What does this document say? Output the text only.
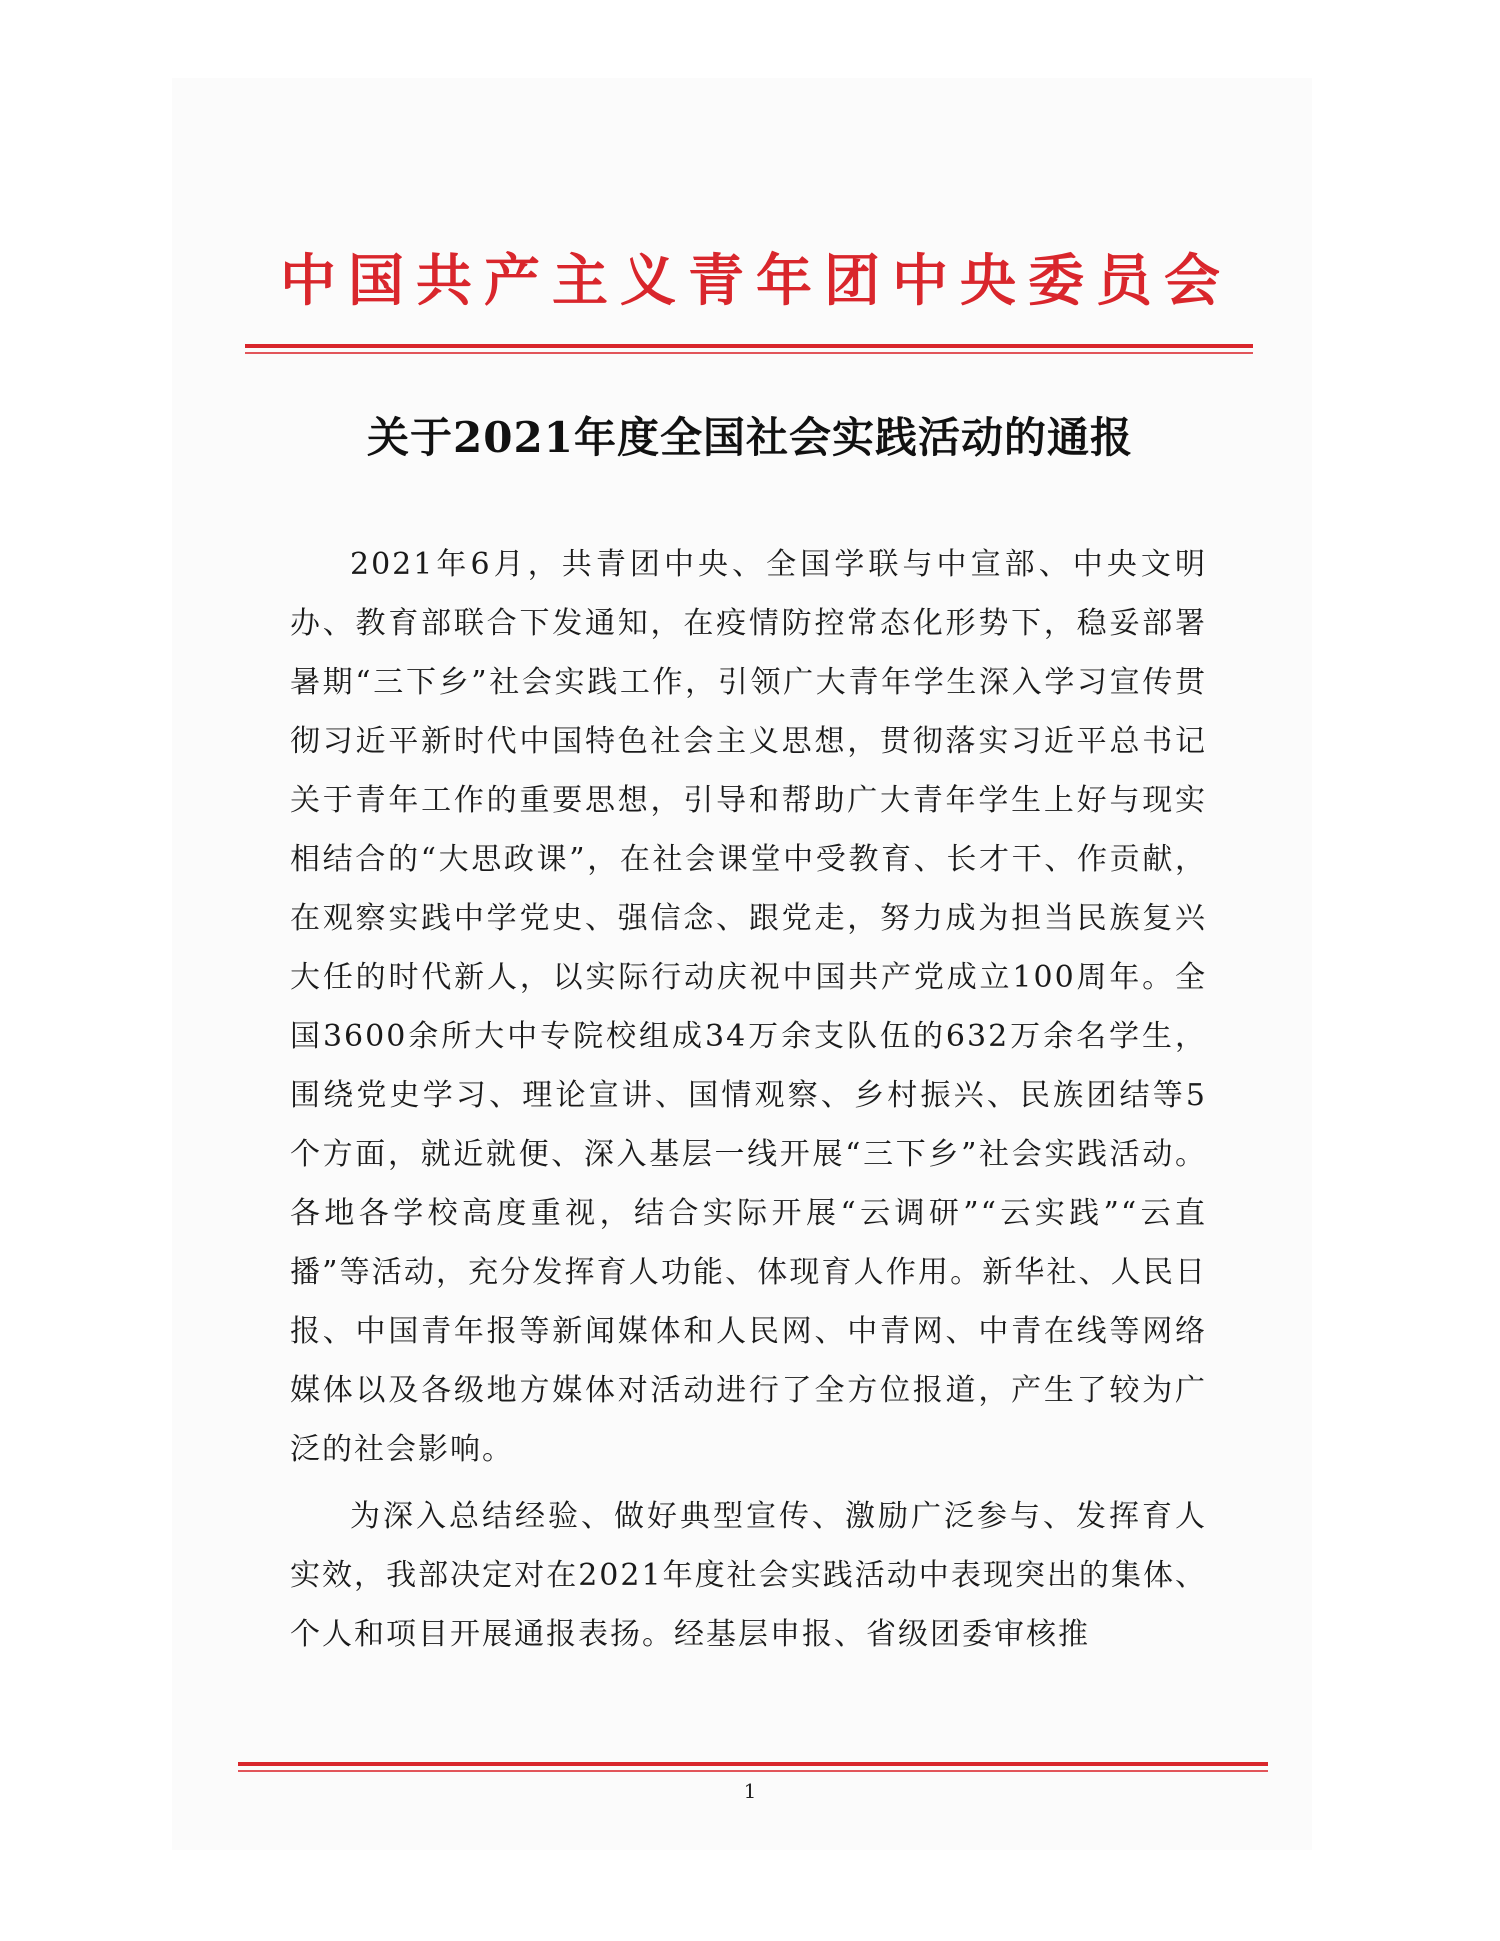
中国共产主义青年团中央委员会
关于2021年度全国社会实践活动的通报

2021年6月，共青团中央、全国学联与中宣部、中央文明办、教育部联合下发通知，在疫情防控常态化形势下，稳妥部署暑期“三下乡”社会实践工作，引领广大青年学生深入学习宣传贯彻习近平新时代中国特色社会主义思想，贯彻落实习近平总书记关于青年工作的重要思想，引导和帮助广大青年学生上好与现实相结合的“大思政课”，在社会课堂中受教育、长才干、作贡献，在观察实践中学党史、强信念、跟党走，努力成为担当民族复兴大任的时代新人，以实际行动庆祝中国共产党成立100周年。全国3600余所大中专院校组成34万余支队伍的632万余名学生，围绕党史学习、理论宣讲、国情观察、乡村振兴、民族团结等5个方面，就近就便、深入基层一线开展“三下乡”社会实践活动。各地各学校高度重视，结合实际开展“云调研”“云实践”“云直播”等活动，充分发挥育人功能、体现育人作用。新华社、人民日报、中国青年报等新闻媒体和人民网、中青网、中青在线等网络媒体以及各级地方媒体对活动进行了全方位报道，产生了较为广泛的社会影响。

为深入总结经验、做好典型宣传、激励广泛参与、发挥育人实效，我部决定对在2021年度社会实践活动中表现突出的集体、个人和项目开展通报表扬。经基层申报、省级团委审核推

1
